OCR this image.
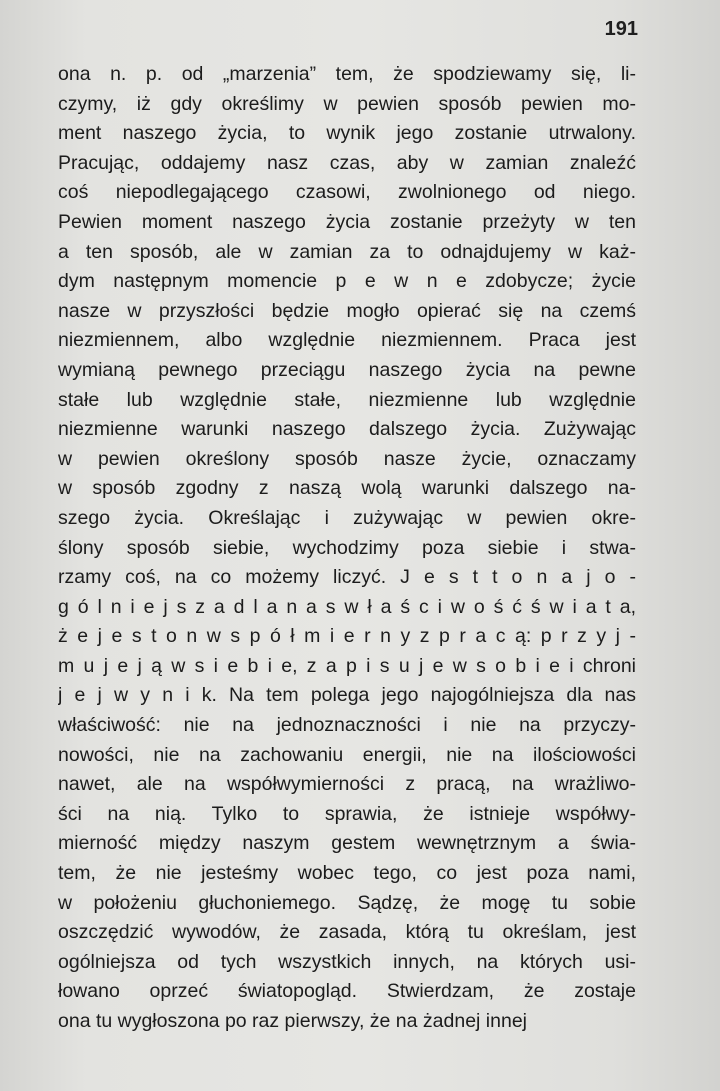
191
ona n. p. od „marzenia” tem, że spodziewamy się, li-
czymy, iż gdy określimy w pewien sposób pewien mo-
ment naszego życia, to wynik jego zostanie utrwalony.
Pracując, oddajemy nasz czas, aby w zamian znaleźć
coś niepodlegającego czasowi, zwolnionego od niego.
Pewien moment naszego życia zostanie przeżyty w ten
a ten sposób, ale w zamian za to odnajdujemy w każ-
dym następnym momencie p e w n e zdobycze; życie
nasze w przyszłości będzie mogło opierać się na czemś
niezmiennem, albo względnie niezmiennem. Praca jest
wymianą pewnego przeciągu naszego życia na pewne
stałe lub względnie stałe, niezmienne lub względnie
niezmienne warunki naszego dalszego życia. Zużywając
w pewien określony sposób nasze życie, oznaczamy
w sposób zgodny z naszą wolą warunki dalszego na-
szego życia. Określając i zużywając w pewien okre-
ślony sposób siebie, wychodzimy poza siebie i stwa-
rzamy coś, na co możemy liczyć. J e s t t o n a j o -
g ó l n i e j s z a d l a n a s w ł a ś c i w o ś ć ś w i a t a,
ż e j e s t o n w s p ó ł m i e r n y z p r a c ą: p r z y j -
m u j e j ą w s i e b i e, z a p i s u j e w s o b i e i chroni
j e j w y n i k. Na tem polega jego najogólniejsza dla nas
właściwość: nie na jednoznaczności i nie na przyczy-
nowości, nie na zachowaniu energii, nie na ilościowości
nawet, ale na współwymierności z pracą, na wrażliwo-
ści na nią. Tylko to sprawia, że istnieje współwy-
mierność między naszym gestem wewnętrznym a świa-
tem, że nie jesteśmy wobec tego, co jest poza nami,
w położeniu głuchoniemego. Sądzę, że mogę tu sobie
oszczędzić wywodów, że zasada, którą tu określam, jest
ogólniejsza od tych wszystkich innych, na których usi-
łowano oprzeć światopogląd. Stwierdzam, że zostaje
ona tu wygłoszona po raz pierwszy, że na żadnej innej
